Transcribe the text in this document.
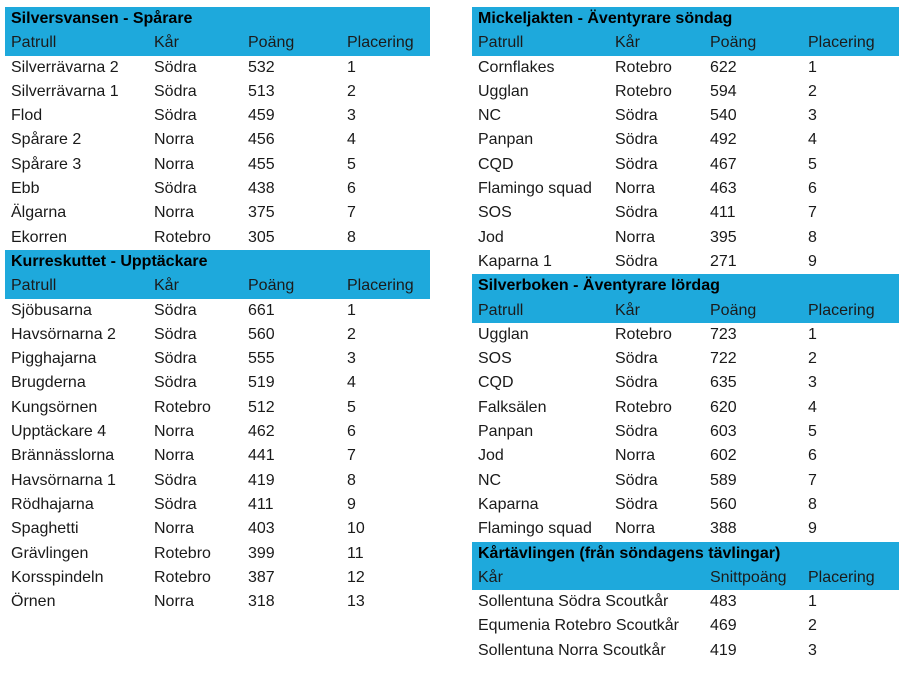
Silversvansen - Spårare
Patrull	Kår	Poäng	Placering
Silverrävarna 2	Södra	532	1
Silverrävarna 1	Södra	513	2
Flod	Södra	459	3
Spårare 2	Norra	456	4
Spårare 3	Norra	455	5
Ebb	Södra	438	6
Älgarna	Norra	375	7
Ekorren	Rotebro	305	8
Kurreskuttet - Upptäckare
Patrull	Kår	Poäng	Placering
Sjöbusarna	Södra	661	1
Havsörnarna 2	Södra	560	2
Pigghajarna	Södra	555	3
Brugderna	Södra	519	4
Kungsörnen	Rotebro	512	5
Upptäckare 4	Norra	462	6
Brännässlorna	Norra	441	7
Havsörnarna 1	Södra	419	8
Rödhajarna	Södra	411	9
Spaghetti	Norra	403	10
Grävlingen	Rotebro	399	11
Korsspindeln	Rotebro	387	12
Örnen	Norra	318	13
Mickeljakten - Äventyrare söndag
Patrull	Kår	Poäng	Placering
Cornflakes	Rotebro	622	1
Ugglan	Rotebro	594	2
NC	Södra	540	3
Panpan	Södra	492	4
CQD	Södra	467	5
Flamingo squad	Norra	463	6
SOS	Södra	411	7
Jod	Norra	395	8
Kaparna 1	Södra	271	9
Silverboken - Äventyrare lördag
Patrull	Kår	Poäng	Placering
Ugglan	Rotebro	723	1
SOS	Södra	722	2
CQD	Södra	635	3
Falksälen	Rotebro	620	4
Panpan	Södra	603	5
Jod	Norra	602	6
NC	Södra	589	7
Kaparna	Södra	560	8
Flamingo squad	Norra	388	9
Kårtävlingen (från söndagens tävlingar)
Kår	Snittpoäng	Placering
Sollentuna Södra Scoutkår	483	1
Equmenia Rotebro Scoutkår	469	2
Sollentuna Norra Scoutkår	419	3
